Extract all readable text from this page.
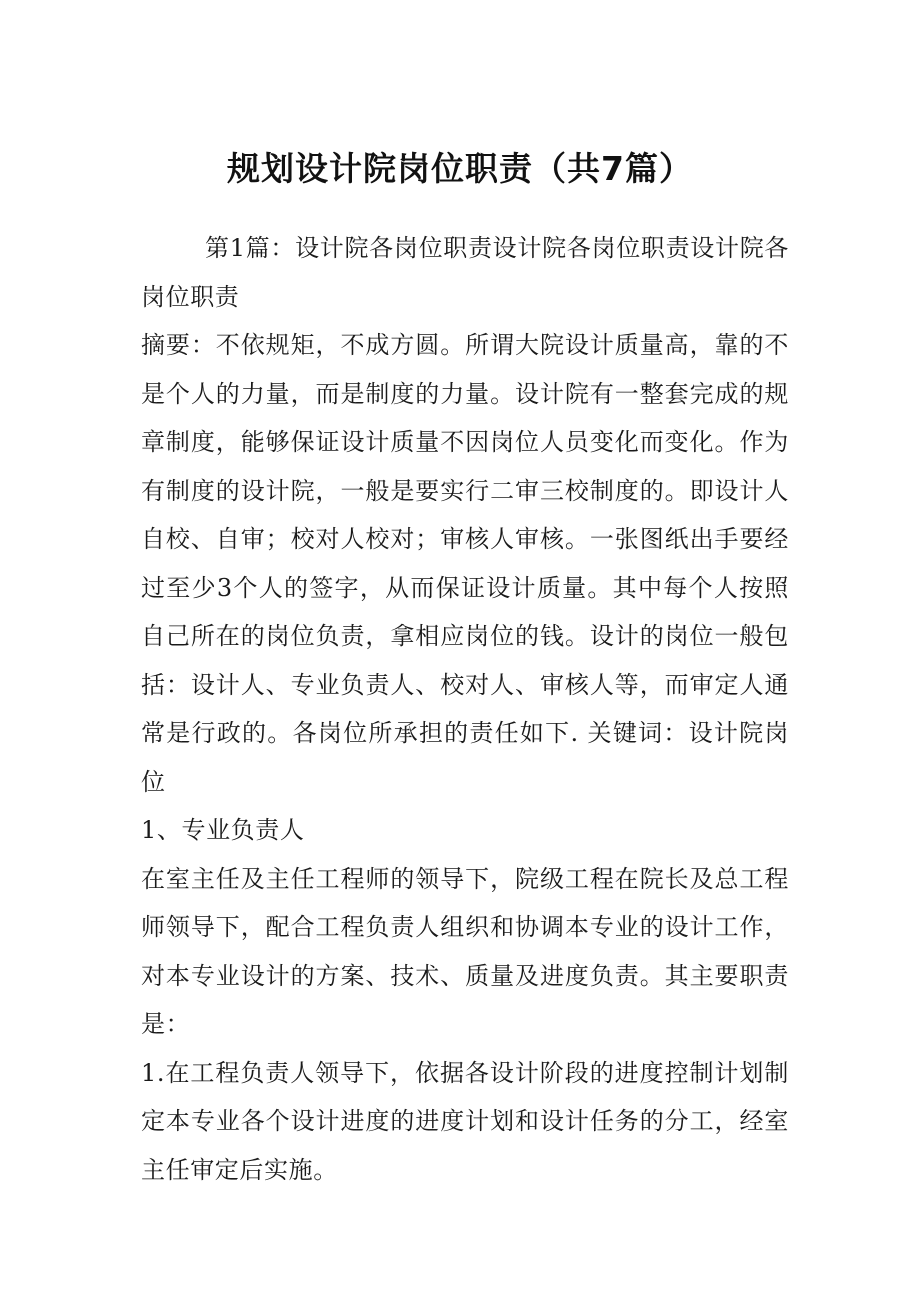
规划设计院岗位职责（共7篇）

第1篇：设计院各岗位职责设计院各岗位职责设计院各岗位职责

摘要：不依规矩，不成方圆。所谓大院设计质量高，靠的不是个人的力量，而是制度的力量。设计院有一整套完成的规章制度，能够保证设计质量不因岗位人员变化而变化。作为有制度的设计院，一般是要实行二审三校制度的。即设计人自校、自审；校对人校对；审核人审核。一张图纸出手要经过至少3个人的签字，从而保证设计质量。其中每个人按照自己所在的岗位负责，拿相应岗位的钱。设计的岗位一般包括：设计人、专业负责人、校对人、审核人等，而审定人通常是行政的。各岗位所承担的责任如下. 关键词：设计院岗位

1、专业负责人

在室主任及主任工程师的领导下，院级工程在院长及总工程师领导下，配合工程负责人组织和协调本专业的设计工作，对本专业设计的方案、技术、质量及进度负责。其主要职责是：

1.在工程负责人领导下，依据各设计阶段的进度控制计划制定本专业各个设计进度的进度计划和设计任务的分工，经室主任审定后实施。
